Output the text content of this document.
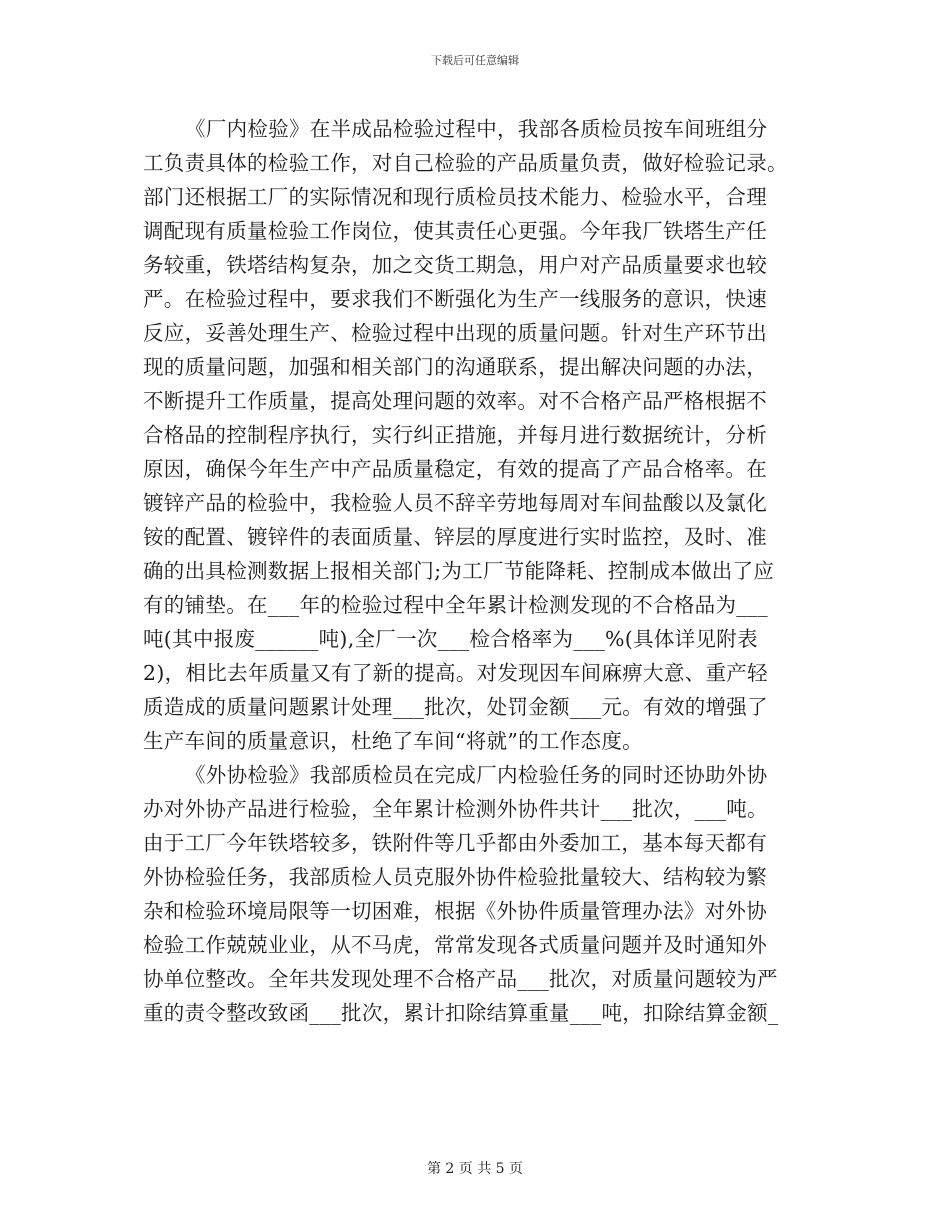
下载后可任意编辑
《厂内检验》在半成品检验过程中，我部各质检员按车间班组分
工负责具体的检验工作，对自己检验的产品质量负责，做好检验记录。
部门还根据工厂的实际情况和现行质检员技术能力、检验水平，合理
调配现有质量检验工作岗位，使其责任心更强。今年我厂铁塔生产任
务较重，铁塔结构复杂，加之交货工期急，用户对产品质量要求也较
严。在检验过程中，要求我们不断强化为生产一线服务的意识，快速
反应，妥善处理生产、检验过程中出现的质量问题。针对生产环节出
现的质量问题，加强和相关部门的沟通联系，提出解决问题的办法，
不断提升工作质量，提高处理问题的效率。对不合格产品严格根据不
合格品的控制程序执行，实行纠正措施，并每月进行数据统计，分析
原因，确保今年生产中产品质量稳定，有效的提高了产品合格率。在
镀锌产品的检验中，我检验人员不辞辛劳地每周对车间盐酸以及氯化
铵的配置、镀锌件的表面质量、锌层的厚度进行实时监控，及时、准
确的出具检测数据上报相关部门;为工厂节能降耗、控制成本做出了应
有的铺垫。在___年的检验过程中全年累计检测发现的不合格品为___
吨(其中报废______吨),全厂一次___检合格率为___%(具体详见附表
2)，相比去年质量又有了新的提高。对发现因车间麻痹大意、重产轻
质造成的质量问题累计处理___批次，处罚金额___元。有效的增强了
生产车间的质量意识，杜绝了车间“将就”的工作态度。
《外协检验》我部质检员在完成厂内检验任务的同时还协助外协
办对外协产品进行检验，全年累计检测外协件共计___批次，___吨。
由于工厂今年铁塔较多，铁附件等几乎都由外委加工，基本每天都有
外协检验任务，我部质检人员克服外协件检验批量较大、结构较为繁
杂和检验环境局限等一切困难，根据《外协件质量管理办法》对外协
检验工作兢兢业业，从不马虎，常常发现各式质量问题并及时通知外
协单位整改。全年共发现处理不合格产品___批次，对质量问题较为严
重的责令整改致函___批次，累计扣除结算重量___吨，扣除结算金额_
第 2 页 共 5 页
